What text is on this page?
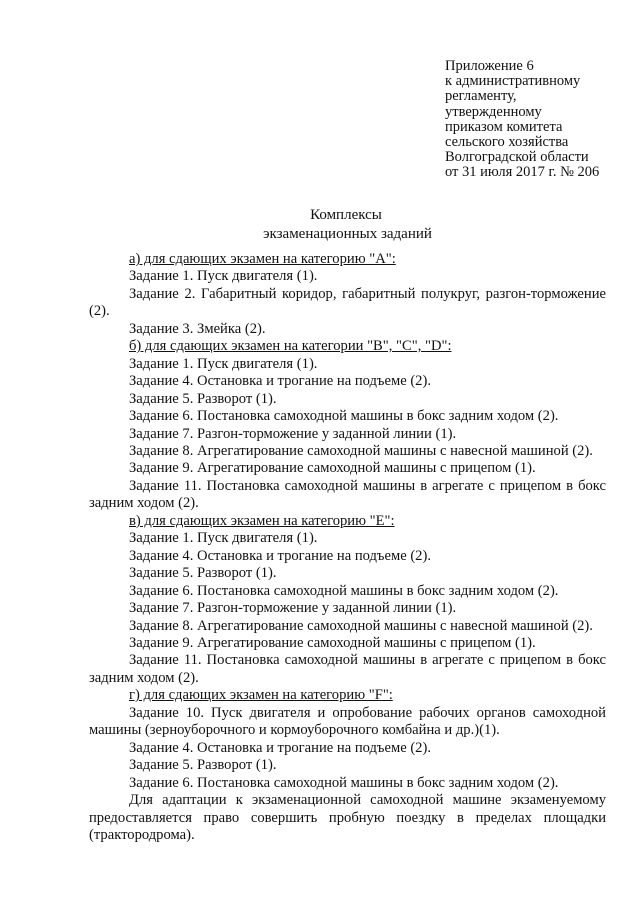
Приложение 6
к административному
регламенту,
утвержденному
приказом комитета
сельского хозяйства
Волгоградской области
от 31 июля 2017 г. № 206
Комплексы
экзаменационных заданий

а) для сдающих экзамен на категорию "А":

Задание 1. Пуск двигателя (1).

Задание 2. Габаритный коридор, габаритный полукруг, разгон-торможение (2).

Задание 3. Змейка (2).

б) для сдающих экзамен на категории "В", "С", "D":

Задание 1. Пуск двигателя (1).

Задание 4. Остановка и трогание на подъеме (2).

Задание 5. Разворот (1).

Задание 6. Постановка самоходной машины в бокс задним ходом (2).

Задание 7. Разгон-торможение у заданной линии (1).

Задание 8. Агрегатирование самоходной машины с навесной машиной (2).

Задание 9. Агрегатирование самоходной машины с прицепом (1).

Задание 11. Постановка самоходной машины в агрегате с прицепом в бокс задним ходом (2).

в) для сдающих экзамен на категорию "Е":

Задание 1. Пуск двигателя (1).

Задание 4. Остановка и трогание на подъеме (2).

Задание 5. Разворот (1).

Задание 6. Постановка самоходной машины в бокс задним ходом (2).

Задание 7. Разгон-торможение у заданной линии (1).

Задание 8. Агрегатирование самоходной машины с навесной машиной (2).

Задание 9. Агрегатирование самоходной машины с прицепом (1).

Задание 11. Постановка самоходной машины в агрегате с прицепом в бокс задним ходом (2).

г) для сдающих экзамен на категорию "F":

Задание 10. Пуск двигателя и опробование рабочих органов самоходной машины (зерноуборочного и кормоуборочного комбайна и др.)(1).

Задание 4. Остановка и трогание на подъеме (2).

Задание 5. Разворот (1).

Задание 6. Постановка самоходной машины в бокс задним ходом (2).

Для адаптации к экзаменационной самоходной машине экзаменуемому предоставляется право совершить пробную поездку в пределах площадки (трактородрома).
